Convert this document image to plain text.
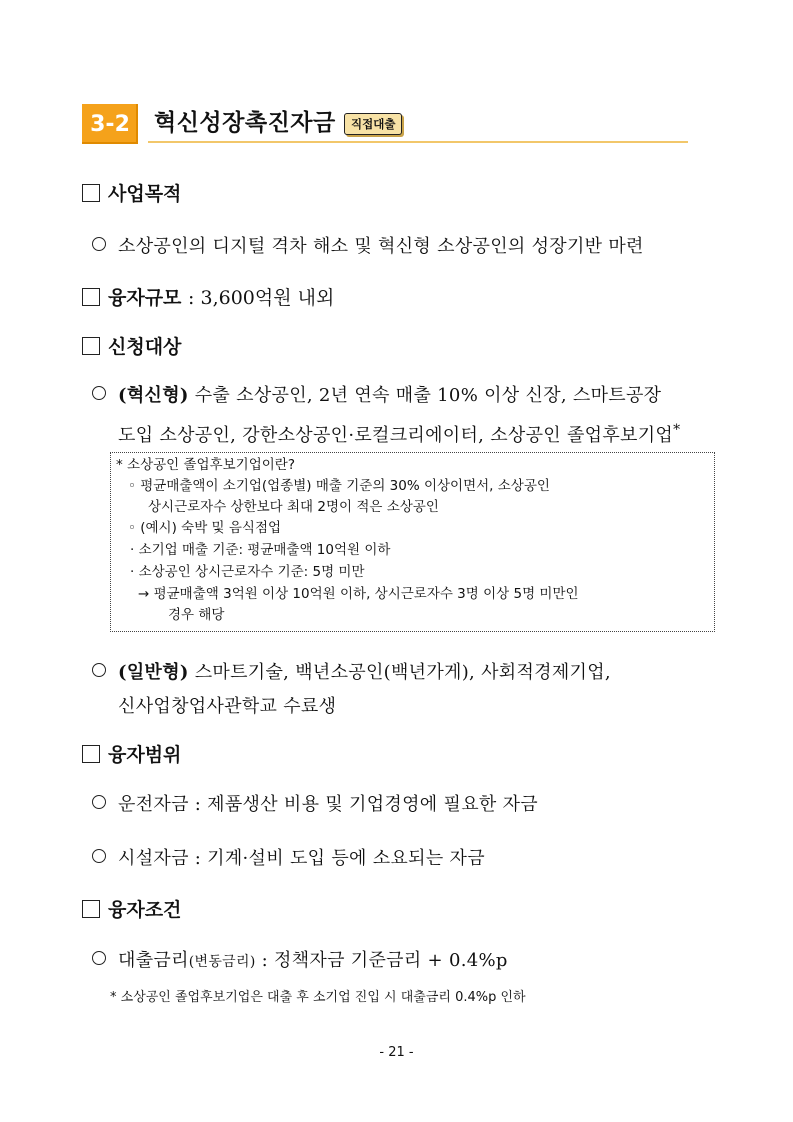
3-2 혁신성장촉진자금	직접대출
사업목적
소상공인의 디지털 격차 해소 및 혁신형 소상공인의 성장기반 마련
융자규모 : 3,600억원 내외
신청대상
(혁신형) 수출 소상공인, 2년 연속 매출 10% 이상 신장, 스마트공장
도입 소상공인, 강한소상공인·로컬크리에이터, 소상공인 졸업후보기업*
* 소상공인 졸업후보기업이란?
◦ 평균매출액이 소기업(업종별) 매출 기준의 30% 이상이면서, 소상공인
상시근로자수 상한보다 최대 2명이 적은 소상공인
◦ (예시) 숙박 및 음식점업
· 소기업 매출 기준: 평균매출액 10억원 이하
· 소상공인 상시근로자수 기준: 5명 미만
→ 평균매출액 3억원 이상 10억원 이하, 상시근로자수 3명 이상 5명 미만인
경우 해당
(일반형) 스마트기술, 백년소공인(백년가게), 사회적경제기업,
신사업창업사관학교 수료생
융자범위
운전자금 : 제품생산 비용 및 기업경영에 필요한 자금
시설자금 : 기계·설비 도입 등에 소요되는 자금
융자조건
대출금리(변동금리) : 정책자금 기준금리 + 0.4%p
* 소상공인 졸업후보기업은 대출 후 소기업 진입 시 대출금리 0.4%p 인하
- 21 -
